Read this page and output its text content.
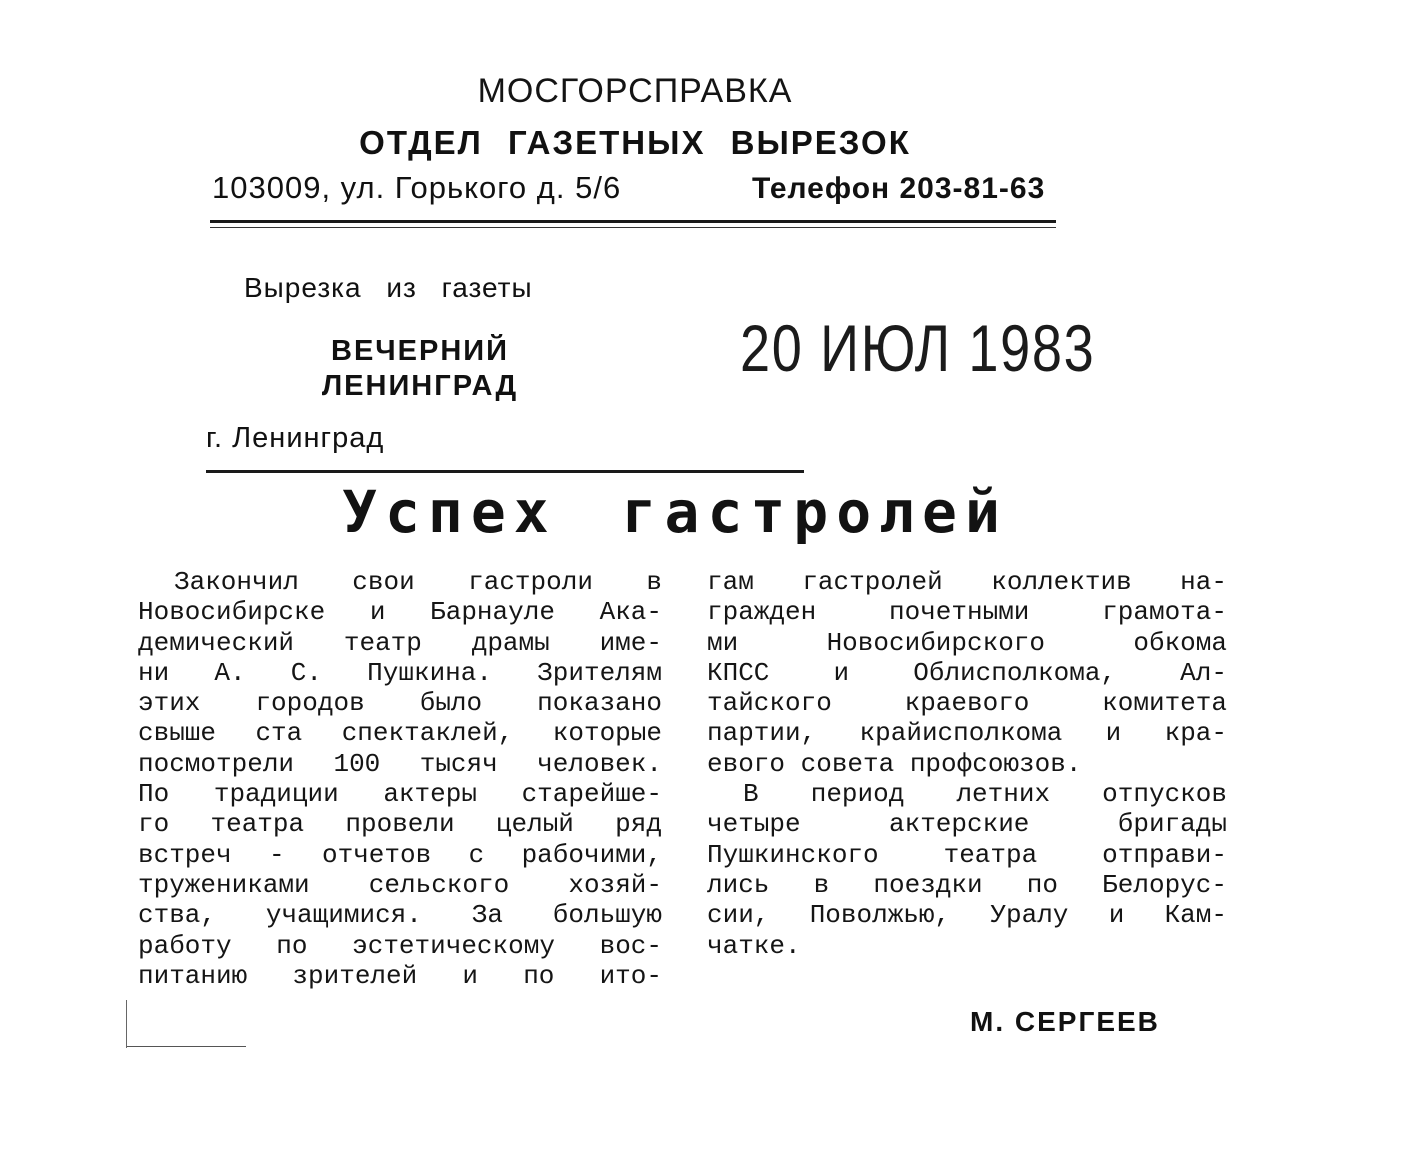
МОСГОРСПРАВКА
ОТДЕЛ ГАЗЕТНЫХ ВЫРЕЗОК
103009, ул. Горького д. 5/6	Телефон 203-81-63
Вырезка из газеты
ВЕЧЕРНИЙ
ЛЕНИНГРАД
г. Ленинград
20 ИЮЛ 1983
Успех гастролей
Закончил свои гастроли в
Новосибирске и Барнауле Ака-
демический театр драмы име-
ни А. С. Пушкина. Зрителям
этих городов было показано
свыше ста спектаклей, которые
посмотрели 100 тысяч человек.
По традиции актеры старейше-
го театра провели целый ряд
встреч - отчетов с рабочими,
тружениками сельского хозяй-
ства, учащимися. За большую
работу по эстетическому вос-
питанию зрителей и по ито-
гам гастролей коллектив на-
гражден почетными грамота-
ми Новосибирского обкома
КПСС и Облисполкома, Ал-
тайского краевого комитета
партии, крайисполкома и кра-
евого совета профсоюзов.
В период летних отпусков
четыре актерские бригады
Пушкинского театра отправи-
лись в поездки по Белорус-
сии, Поволжью, Уралу и Кам-
чатке.
М. СЕРГЕЕВ
